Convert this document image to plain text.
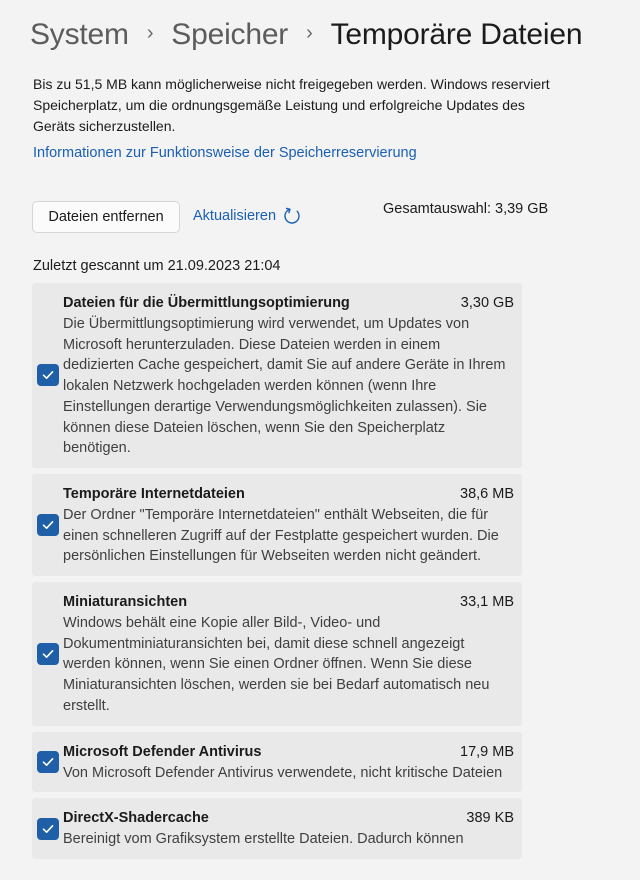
System › Speicher › Temporäre Dateien
Bis zu 51,5 MB kann möglicherweise nicht freigegeben werden. Windows reserviert Speicherplatz, um die ordnungsgemäße Leistung und erfolgreiche Updates des Geräts sicherzustellen.
Informationen zur Funktionsweise der Speicherreservierung
Dateien entfernen	Aktualisieren	Gesamtauswahl: 3,39 GB
Zuletzt gescannt um 21.09.2023 21:04
Dateien für die Übermittlungsoptimierung	3,30 GB
Die Übermittlungsoptimierung wird verwendet, um Updates von Microsoft herunterzuladen. Diese Dateien werden in einem dedizierten Cache gespeichert, damit Sie auf andere Geräte in Ihrem lokalen Netzwerk hochgeladen werden können (wenn Ihre Einstellungen derartige Verwendungsmöglichkeiten zulassen). Sie können diese Dateien löschen, wenn Sie den Speicherplatz benötigen.
Temporäre Internetdateien	38,6 MB
Der Ordner "Temporäre Internetdateien" enthält Webseiten, die für einen schnelleren Zugriff auf der Festplatte gespeichert wurden. Die persönlichen Einstellungen für Webseiten werden nicht geändert.
Miniaturansichten	33,1 MB
Windows behält eine Kopie aller Bild-, Video- und Dokumentminiaturansichten bei, damit diese schnell angezeigt werden können, wenn Sie einen Ordner öffnen. Wenn Sie diese Miniaturansichten löschen, werden sie bei Bedarf automatisch neu erstellt.
Microsoft Defender Antivirus	17,9 MB
Von Microsoft Defender Antivirus verwendete, nicht kritische Dateien
DirectX-Shadercache	389 KB
Bereinigt vom Grafiksystem erstellte Dateien. Dadurch können
